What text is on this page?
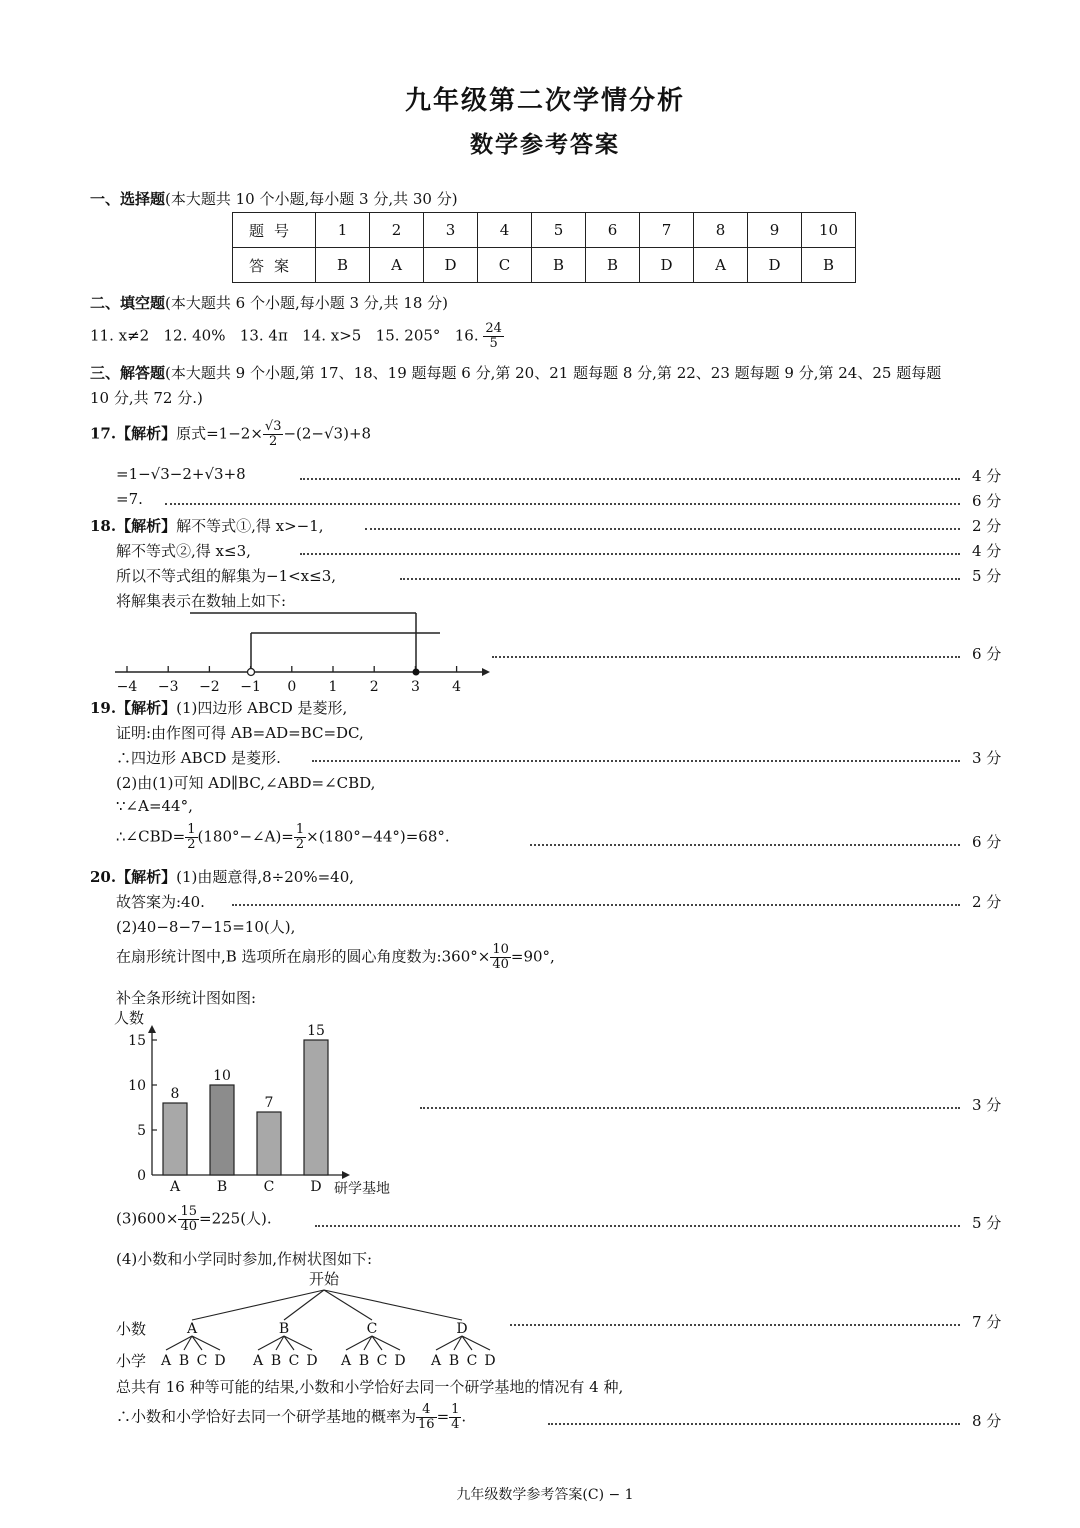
九年级第二次学情分析
数学参考答案
一、选择题(本大题共 10 个小题,每小题 3 分,共 30 分)
题号	1	2	3	4	5	6	7	8	9	10
答案	B	A	D	C	B	B	D	A	D	B
二、填空题(本大题共 6 个小题,每小题 3 分,共 18 分)
11. x≠2 12. 40% 13. 4π 14. x>5 15. 205° 16. $\frac{24}{5}$
三、解答题(本大题共 9 个小题,第 17、18、19 题每题 6 分,第 20、21 题每题 8 分,第 22、23 题每题 9 分,第 24、25 题每题
10 分,共 72 分.)
17.【解析】原式$=1-2\times \frac{√3}{2} -(2-√3)+8$
=1−√3−2+√3+8	4 分
=7.	6 分
18.【解析】解不等式①,得 x>−1,	2 分
解不等式②,得 x≤3,	4 分
所以不等式组的解集为−1<x≤3,	5 分
将解集表示在数轴上如下:
−4 −3 −2 −1 0 1 2 3 4
6 分
19.【解析】(1)四边形 ABCD 是菱形,
证明:由作图可得 AB=AD=BC=DC,
∴四边形 ABCD 是菱形.	3 分
(2)由(1)可知 AD∥BC,∠ABD=∠CBD,
∵∠A=44°,
∴∠CBD= $\frac{1}{2}$ (180°−∠A)= $\frac{1}{2} \times(180^\circ-44^\circ)=68^\circ$.	6 分
20.【解析】(1)由题意得,8÷20%=40,
故答案为:40.	2 分
(2)40−8−7−15=10(人),
在扇形统计图中,B 选项所在扇形的圆心角度数为:360°× $\frac{10}{40} =90^\circ$,
补全条形统计图如图:
人数
研学基地
0
5
10
15
8
A
10
B
7
C
15
D
3 分
$(3)600\times \frac{15}{40} =225$(人).	5 分
(4)小数和小学同时参加,作树状图如下:
开始
小数
小学
A
A B C D
B
A B C D
C
A B C D
D
A B C D
7 分
总共有 16 种等可能的结果,小数和小学恰好去同一个研学基地的情况有 4 种,
∴小数和小学恰好去同一个研学基地的概率为 $\frac{4}{16} = \frac{1}{4}$ .	8 分
九年级数学参考答案(C) − 1
